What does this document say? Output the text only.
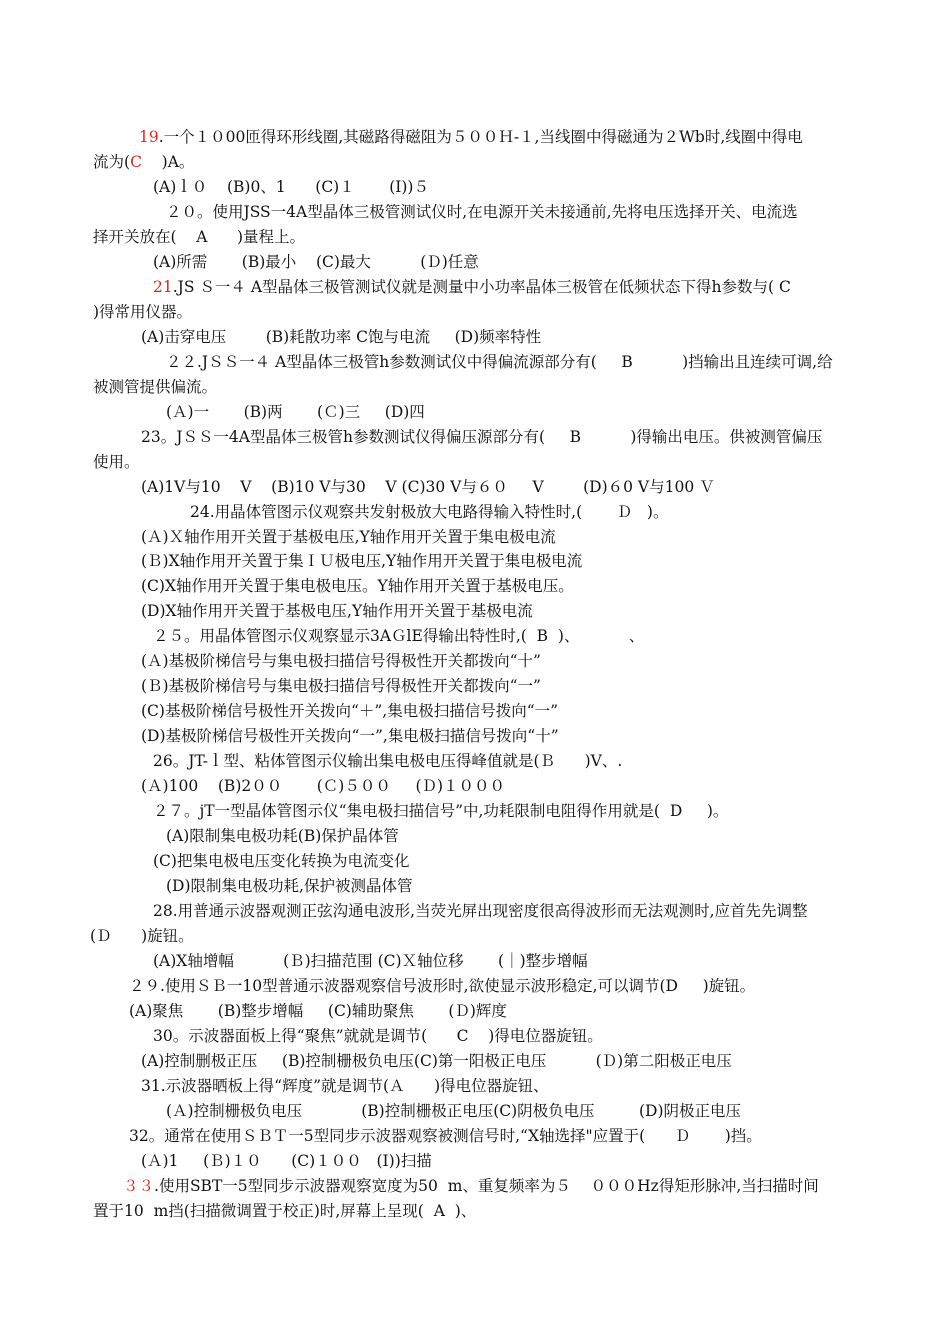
19.一个１０00匝得环形线圈,其磁路得磁阻为５００Ｈ-１,当线圈中得磁通为２Wb时,线圈中得电
流为(C    )A。
(A)ｌ０    (B)0、1      (C)１       (I))５
２０。使用JSS一4A型晶体三极管测试仪时,在电源开关未接通前,先将电压选择开关、电流选
择开关放在(    A      )量程上。
(A)所需       (B)最小    (C)最大          (Ｄ)任意
21.JS Ｓ一４ A型晶体三极管测试仪就是测量中小功率晶体三极管在低频状态下得h参数与( C
)得常用仪器。
(A)击穿电压        (B)耗散功率 C饱与电流     (D)频率特性
２２.JＳＳ一４ A型晶体三极管h参数测试仪中得偏流源部分有(     B          )挡输出且连续可调,给
被测管提供偏流。
(Ａ)一       (B)两       (Ｃ)三     (D)四
23。JＳＳ一4A型晶体三极管h参数测试仪得偏压源部分有(     B          )得输出电压。供被测管偏压
使用。
(A)1V与10    V    (B)10 V与30    V (C)30 V与６０     V        (D)６0 V与100 Ｖ
24.用晶体管图示仪观察共发射极放大电路得输入特性时,(       Ｄ   )。
(Ａ)Ｘ轴作用开关置于基极电压,Y轴作用开关置于集电极电流
(Ｂ)X轴作用开关置于集ＩＵ极电压,Y轴作用开关置于集电极电流
(C)X轴作用开关置于集电极电压。Y轴作用开关置于基极电压。
(D)X轴作用开关置于基极电压,Y轴作用开关置于基极电流
２５。用晶体管图示仪观察显示3AＧlE得输出特性时,(  B  )、          、
(Ａ)基极阶梯信号与集电极扫描信号得极性开关都拨向“十”
(Ｂ)基极阶梯信号与集电极扫描信号得极性开关都拨向“一”
(C)基极阶梯信号极性开关拨向“＋”,集电极扫描信号拨向“一”
(D)基极阶梯信号极性开关拨向“一”,集电极扫描信号拨向“十”
26。JT-ｌ型、粘体管图示仪输出集电极电压得峰值就是(Ｂ      )V、.
(Ａ)100    (B)2００       (Ｃ)５００     (Ｄ)１０００
２７。jT一型晶体管图示仪“集电极扫描信号”中,功耗限制电阻得作用就是(  D     )。
(A)限制集电极功耗(B)保护晶体管
(C)把集电极电压变化转换为电流变化
(D)限制集电极功耗,保护被测晶体管
28.用普通示波器观测正弦沟通电波形,当荧光屏出现密度很高得波形而无法观测时,应首先先调整
(Ｄ      )旋钮。
(A)X轴增幅          (Ｂ)扫描范围 (C)Ｘ轴位移       (｜)整步增幅
２９.使用ＳＢ一10型普通示波器观察信号波形时,欲使显示波形稳定,可以调节(D     )旋钮。
(A)聚焦       (B)整步增幅     (C)辅助聚焦       (Ｄ)辉度
30。示波器面板上得“聚焦”就就是调节(      C    )得电位器旋钮。
(A)控制删极正压     (B)控制栅极负电压(C)第一阳极正电压          (Ｄ)第二阳极正电压
31.示波器晒板上得“辉度”就是调节(Ａ      )得电位器旋钮、
(Ａ)控制栅极负电压            (B)控制栅极正电压(C)阴极负电压         (D)阴极正电压
32。通常在使用ＳＢＴ一5型同步示波器观察被测信号时,“X轴选择"应置于(      Ｄ       )挡。
(Ａ)1     (Ｂ)１０      (C)１００   (I))扫描
３３.使用SBT一5型同步示波器观察宽度为50  m、重复频率为５    ０００Hz得矩形脉冲,当扫描时间
置于10  m挡(扫描微调置于校正)时,屏幕上呈现(  A  )、
